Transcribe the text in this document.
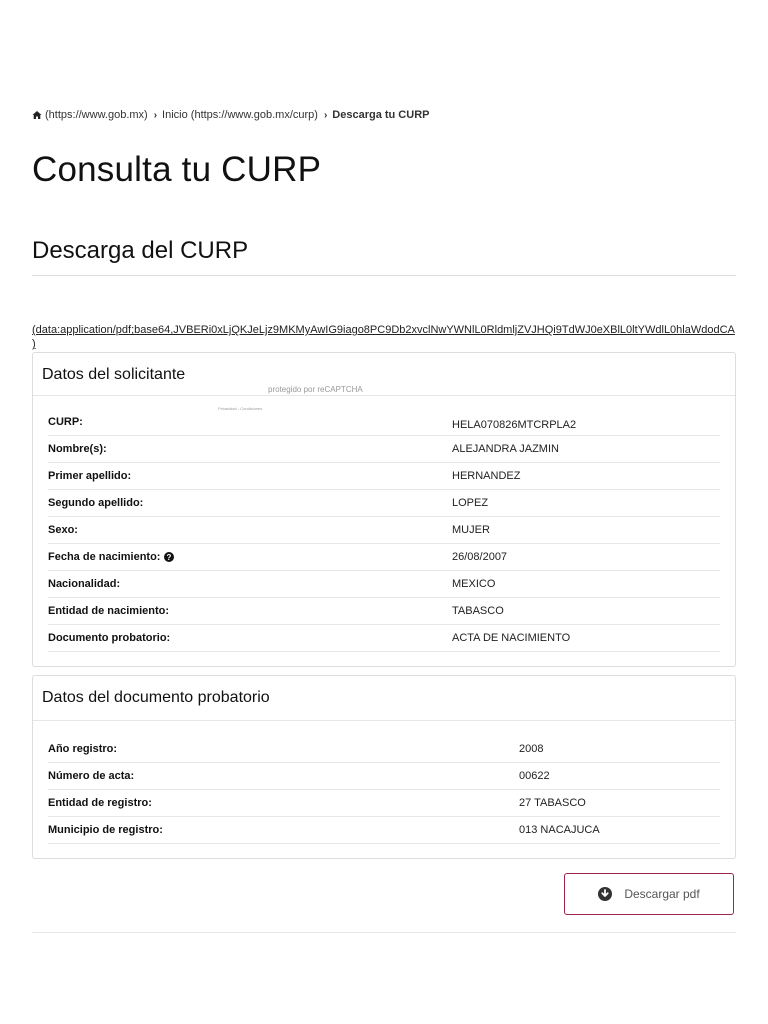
(https://www.gob.mx) › Inicio (https://www.gob.mx/curp) › Descarga tu CURP
Consulta tu CURP
Descarga del CURP
(data:application/pdf;base64,JVBERi0xLjQKJeLjz9MKMyAwIG9iago8PC9Db2xvclNwYWNlL0RldmljZVJHQi9TdWJ0eXBlL0ltYWdlL0hlaWdodCA
)
Datos del solicitante
CURP:	HELA070826MTCRPLA2
Nombre(s):	ALEJANDRA JAZMIN
Primer apellido:	HERNANDEZ
Segundo apellido:	LOPEZ
Sexo:	MUJER
Fecha de nacimiento: ?	26/08/2007
Nacionalidad:	MEXICO
Entidad de nacimiento:	TABASCO
Documento probatorio:	ACTA DE NACIMIENTO
protegido por reCAPTCHA
Privacidad - Condiciones
Datos del documento probatorio
Año registro:	2008
Número de acta:	00622
Entidad de registro:	27 TABASCO
Municipio de registro:	013 NACAJUCA
Descargar pdf
